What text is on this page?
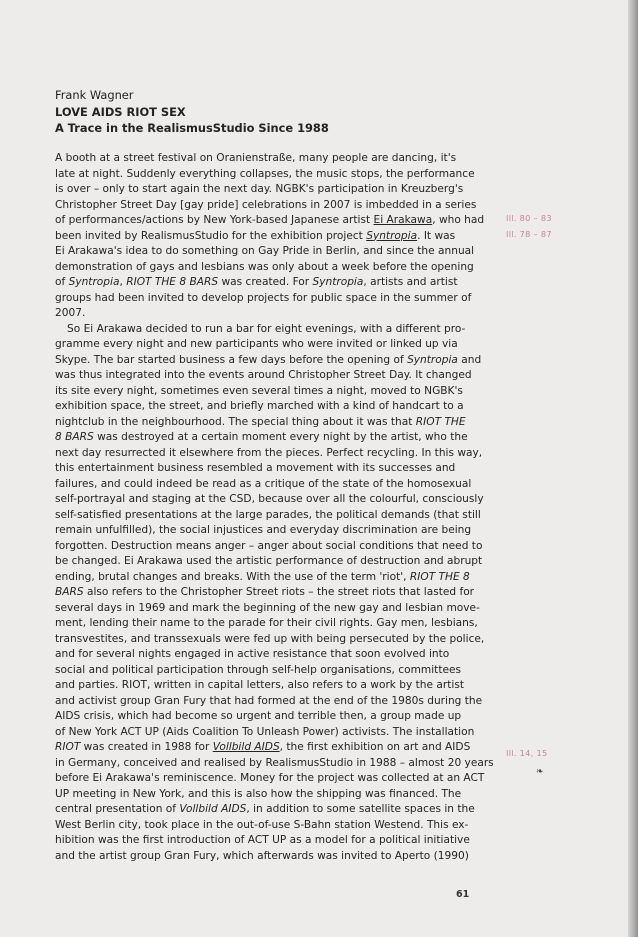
Frank Wagner
LOVE AIDS RIOT SEX
A Trace in the RealismusStudio Since 1988
A booth at a street festival on Oranienstraße, many people are dancing, it's
late at night. Suddenly everything collapses, the music stops, the performance
is over – only to start again the next day. NGBK's participation in Kreuzberg's
Christopher Street Day [gay pride] celebrations in 2007 is imbedded in a series
of performances/actions by New York-based Japanese artist Ei Arakawa, who had
been invited by RealismusStudio for the exhibition project Syntropia. It was
Ei Arakawa's idea to do something on Gay Pride in Berlin, and since the annual
demonstration of gays and lesbians was only about a week before the opening
of Syntropia, RIOT THE 8 BARS was created. For Syntropia, artists and artist
groups had been invited to develop projects for public space in the summer of
2007.
So Ei Arakawa decided to run a bar for eight evenings, with a different pro-
gramme every night and new participants who were invited or linked up via
Skype. The bar started business a few days before the opening of Syntropia and
was thus integrated into the events around Christopher Street Day. It changed
its site every night, sometimes even several times a night, moved to NGBK's
exhibition space, the street, and briefly marched with a kind of handcart to a
nightclub in the neighbourhood. The special thing about it was that RIOT THE
8 BARS was destroyed at a certain moment every night by the artist, who the
next day resurrected it elsewhere from the pieces. Perfect recycling. In this way,
this entertainment business resembled a movement with its successes and
failures, and could indeed be read as a critique of the state of the homosexual
self-portrayal and staging at the CSD, because over all the colourful, consciously
self-satisfied presentations at the large parades, the political demands (that still
remain unfulfilled), the social injustices and everyday discrimination are being
forgotten. Destruction means anger – anger about social conditions that need to
be changed. Ei Arakawa used the artistic performance of destruction and abrupt
ending, brutal changes and breaks. With the use of the term 'riot', RIOT THE 8
BARS also refers to the Christopher Street riots – the street riots that lasted for
several days in 1969 and mark the beginning of the new gay and lesbian move-
ment, lending their name to the parade for their civil rights. Gay men, lesbians,
transvestites, and transsexuals were fed up with being persecuted by the police,
and for several nights engaged in active resistance that soon evolved into
social and political participation through self-help organisations, committees
and parties. RIOT, written in capital letters, also refers to a work by the artist
and activist group Gran Fury that had formed at the end of the 1980s during the
AIDS crisis, which had become so urgent and terrible then, a group made up
of New York ACT UP (Aids Coalition To Unleash Power) activists. The installation
RIOT was created in 1988 for Vollbild AIDS, the first exhibition on art and AIDS
in Germany, conceived and realised by RealismusStudio in 1988 – almost 20 years
before Ei Arakawa's reminiscence. Money for the project was collected at an ACT
UP meeting in New York, and this is also how the shipping was financed. The
central presentation of Vollbild AIDS, in addition to some satellite spaces in the
West Berlin city, took place in the out-of-use S-Bahn station Westend. This ex-
hibition was the first introduction of ACT UP as a model for a political initiative
and the artist group Gran Fury, which afterwards was invited to Aperto (1990)
Ill. 80 – 83
Ill. 78 – 87
Ill. 14, 15
❧
61
